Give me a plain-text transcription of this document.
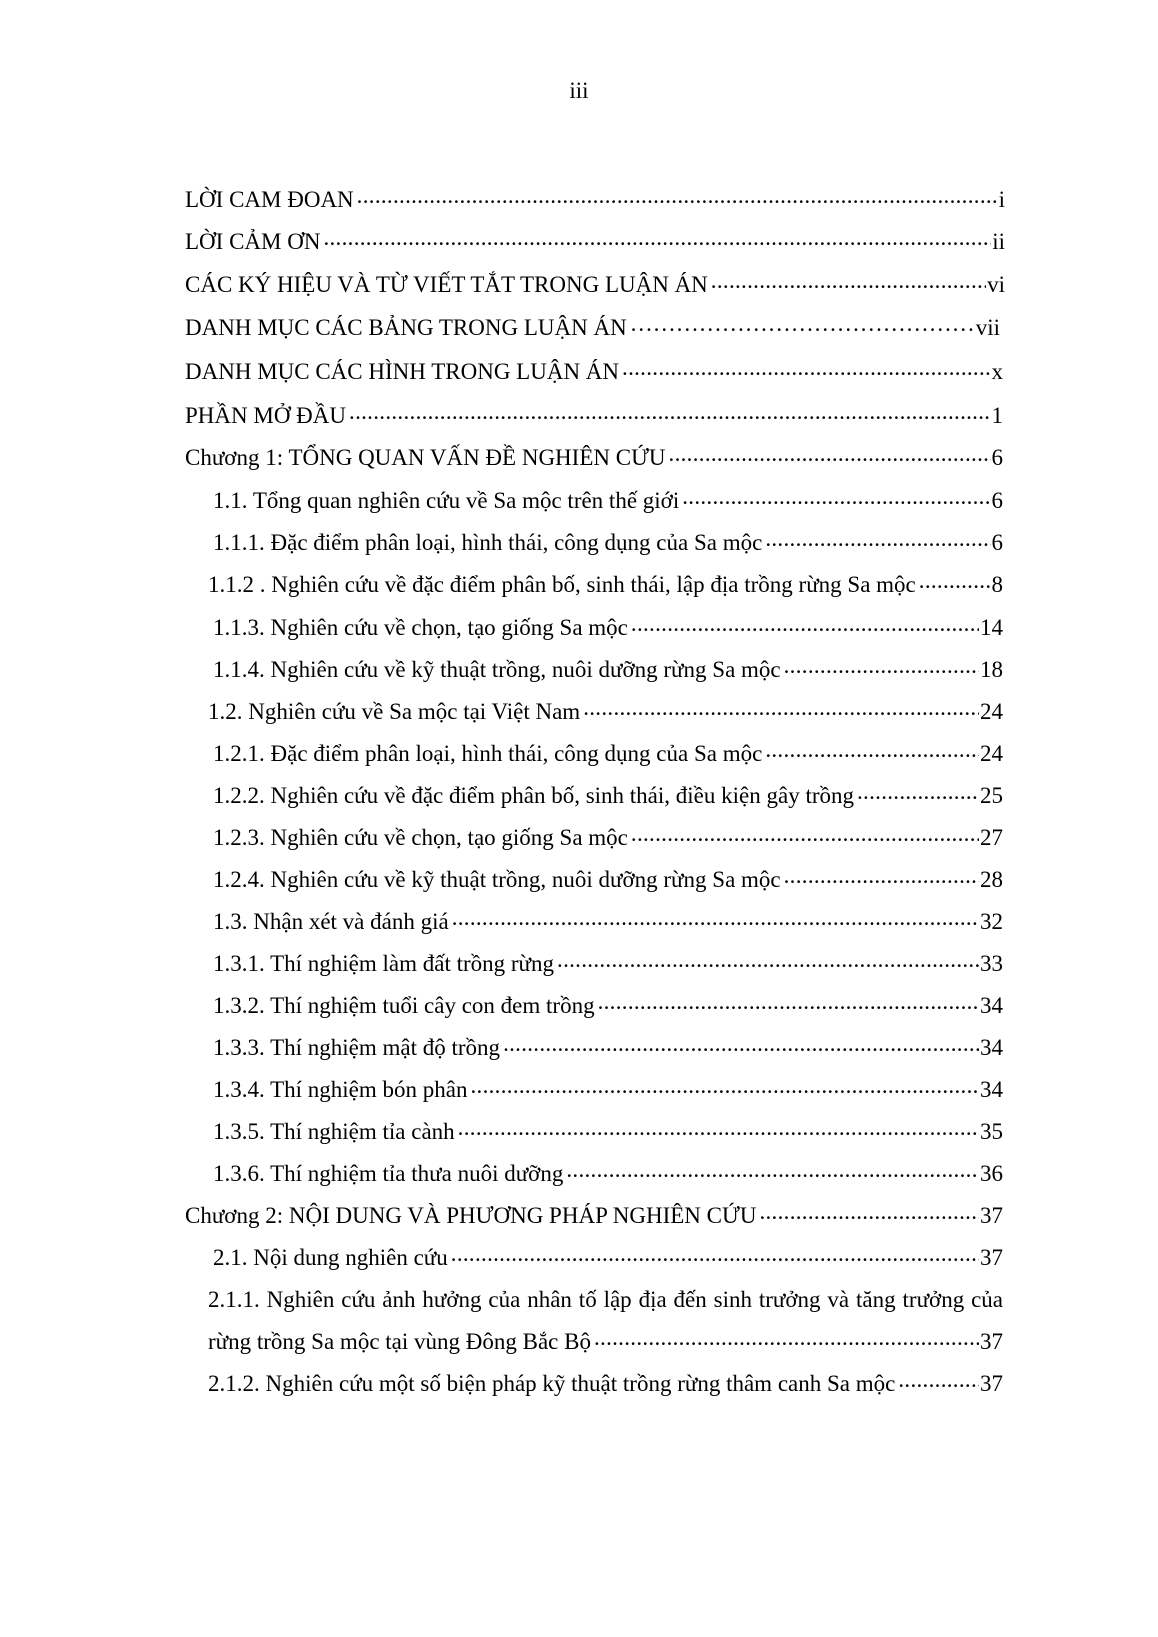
iii
LỜI CAM ĐOAN .....	i
LỜI CẢM ƠN .....	ii
CÁC KÝ HIỆU VÀ TỪ VIẾT TẮT TRONG LUẬN ÁN .....	vi
DANH MỤC CÁC BẢNG TRONG LUẬN ÁN ……………………………………………………………………………………………………………………………………	vii
DANH MỤC CÁC HÌNH TRONG LUẬN ÁN .....	x
PHẦN MỞ ĐẦU .....	1
Chương 1: TỔNG QUAN VẤN ĐỀ NGHIÊN CỨU .....	6
1.1. Tổng quan nghiên cứu về Sa mộc trên thế giới .....	6
1.1.1. Đặc điểm phân loại, hình thái, công dụng của Sa mộc .....	6
1.1.2 . Nghiên cứu về đặc điểm phân bố, sinh thái, lập địa trồng rừng Sa mộc .....	8
1.1.3. Nghiên cứu về chọn, tạo giống Sa mộc .....	14
1.1.4. Nghiên cứu về kỹ thuật trồng, nuôi dưỡng rừng Sa mộc .....	18
1.2. Nghiên cứu về Sa mộc tại Việt Nam .....	24
1.2.1. Đặc điểm phân loại, hình thái, công dụng của Sa mộc .....	24
1.2.2. Nghiên cứu về đặc điểm phân bố, sinh thái, điều kiện gây trồng .....	25
1.2.3. Nghiên cứu về chọn, tạo giống Sa mộc .....	27
1.2.4. Nghiên cứu về kỹ thuật trồng, nuôi dưỡng rừng Sa mộc .....	28
1.3. Nhận xét và đánh giá .....	32
1.3.1. Thí nghiệm làm đất trồng rừng .....	33
1.3.2. Thí nghiệm tuổi cây con đem trồng .....	34
1.3.3. Thí nghiệm mật độ trồng .....	34
1.3.4. Thí nghiệm bón phân .....	34
1.3.5. Thí nghiệm tỉa cành .....	35
1.3.6. Thí nghiệm tỉa thưa nuôi dưỡng .....	36
Chương 2: NỘI DUNG VÀ PHƯƠNG PHÁP NGHIÊN CỨU .....	37
2.1. Nội dung nghiên cứu .....	37
2.1.1. Nghiên cứu ảnh hưởng của nhân tố lập địa đến sinh trưởng và tăng trưởng của
rừng trồng Sa mộc tại vùng Đông Bắc Bộ .....	37
2.1.2. Nghiên cứu một số biện pháp kỹ thuật trồng rừng thâm canh Sa mộc .....	37
